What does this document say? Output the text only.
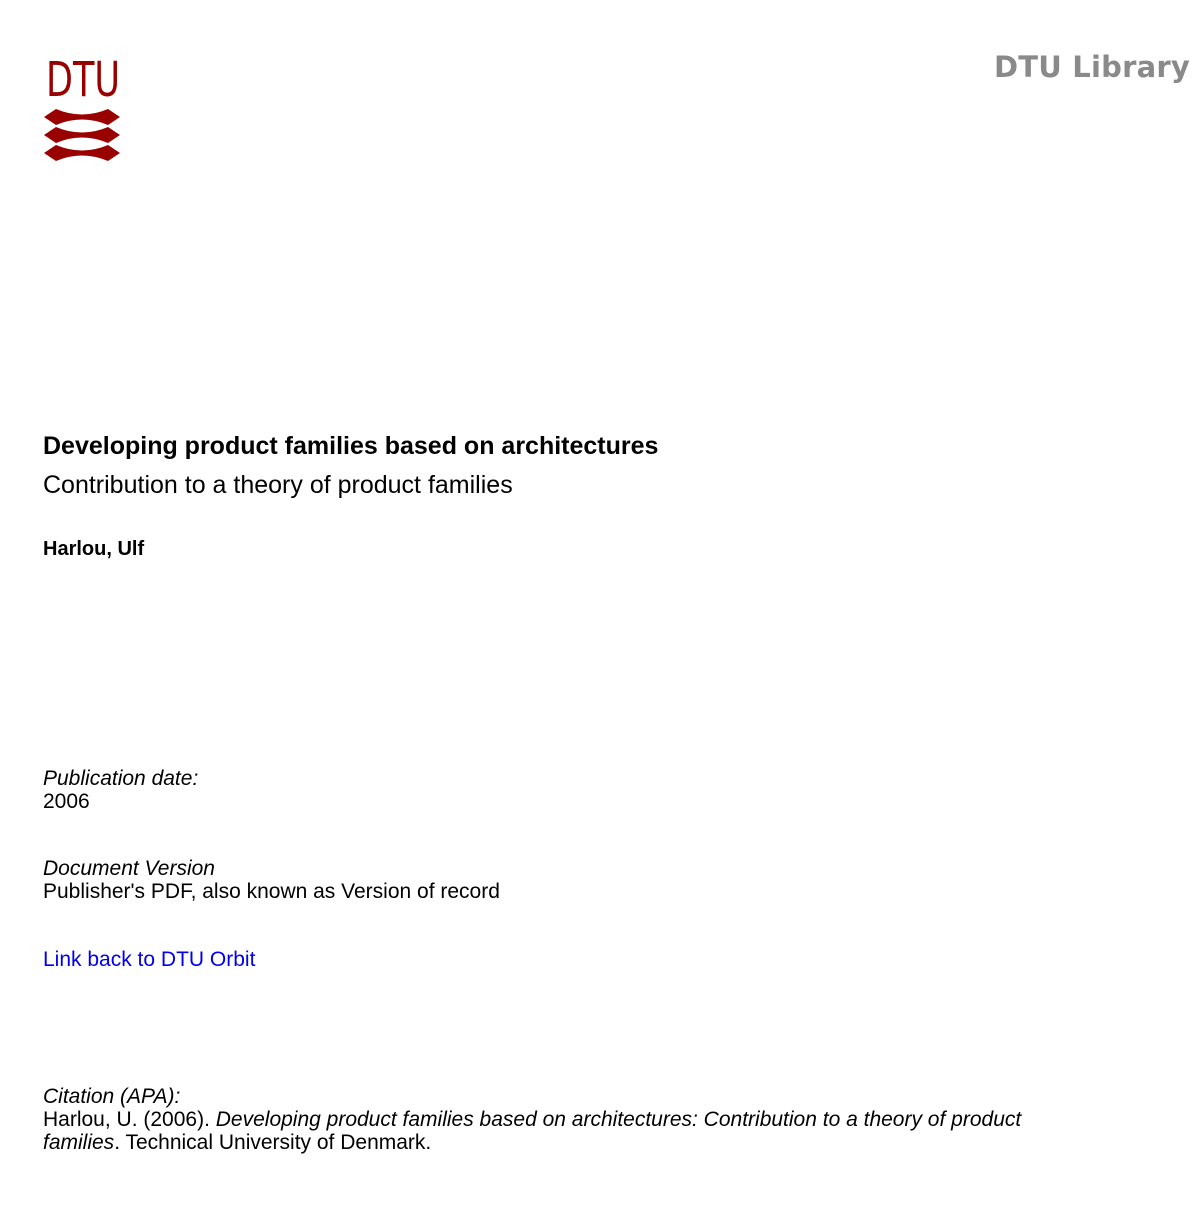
DTU	DTU Library
Developing product families based on architectures
Contribution to a theory of product families
Harlou, Ulf
Publication date:
2006
Document Version
Publisher's PDF, also known as Version of record
Link back to DTU Orbit
Citation (APA):
Harlou, U. (2006). Developing product families based on architectures: Contribution to a theory of product
families. Technical University of Denmark.
